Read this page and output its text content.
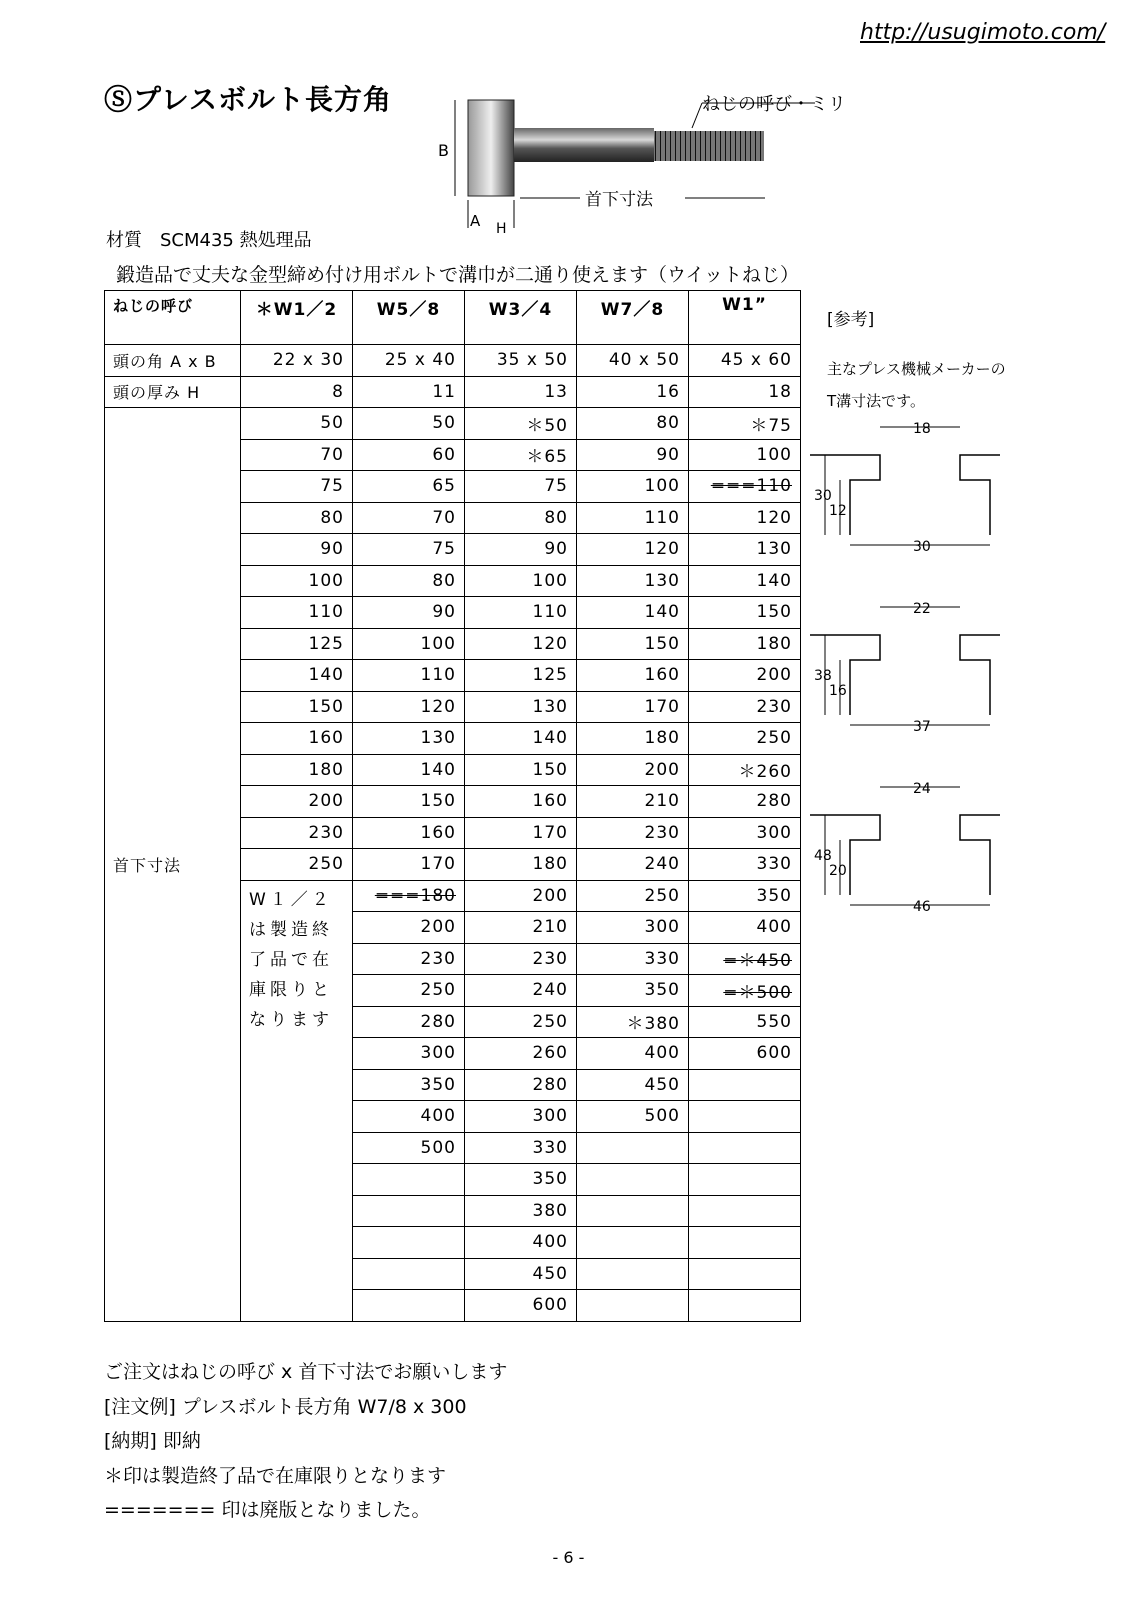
http://usugimoto.com/
Ⓢプレスボルト長方角
B
A H
首下寸法
ねじの呼び・ミリ
材質　SCM435 熱処理品
鍛造品で丈夫な金型締め付け用ボルトで溝巾が二通り使えます（ウイットねじ）
ねじの呼び	＊W1／2	W5／8	W3／4	W7／8	W1”
頭の角 A x B	22 x 30	25 x 40	35 x 50	40 x 50	45 x 60
頭の厚み H	8	11	13	16	18
首下寸法	50	50	＊50	80	＊75
	70	60	＊65	90	100
	75	65	75	100	===110
	80	70	80	110	120
	90	75	90	120	130
	100	80	100	130	140
	110	90	110	140	150
	125	100	120	150	180
	140	110	125	160	200
	150	120	130	170	230
	160	130	140	180	250
	180	140	150	200	＊260
	200	150	160	210	280
	230	160	170	230	300
	250	170	180	240	330
	W１／２は製造終了品で在庫限りとなります	===180	200	250	350
		200	210	300	400
		230	230	330	=＊450
		250	240	350	=＊500
		280	250	＊380	550
		300	260	400	600
		350	280	450	
		400	300	500	
		500	330		
			350		
			380		
			400		
			450		
			600		
[参考]
主なプレス機械メーカーの
T溝寸法です。
18
30
30
12
22
37
38
16
24
46
48
20
ご注文はねじの呼び x 首下寸法でお願いします
[注文例] プレスボルト長方角 W7/8 x 300
[納期] 即納
＊印は製造終了品で在庫限りとなります
======= 印は廃版となりました。
- 6 -
